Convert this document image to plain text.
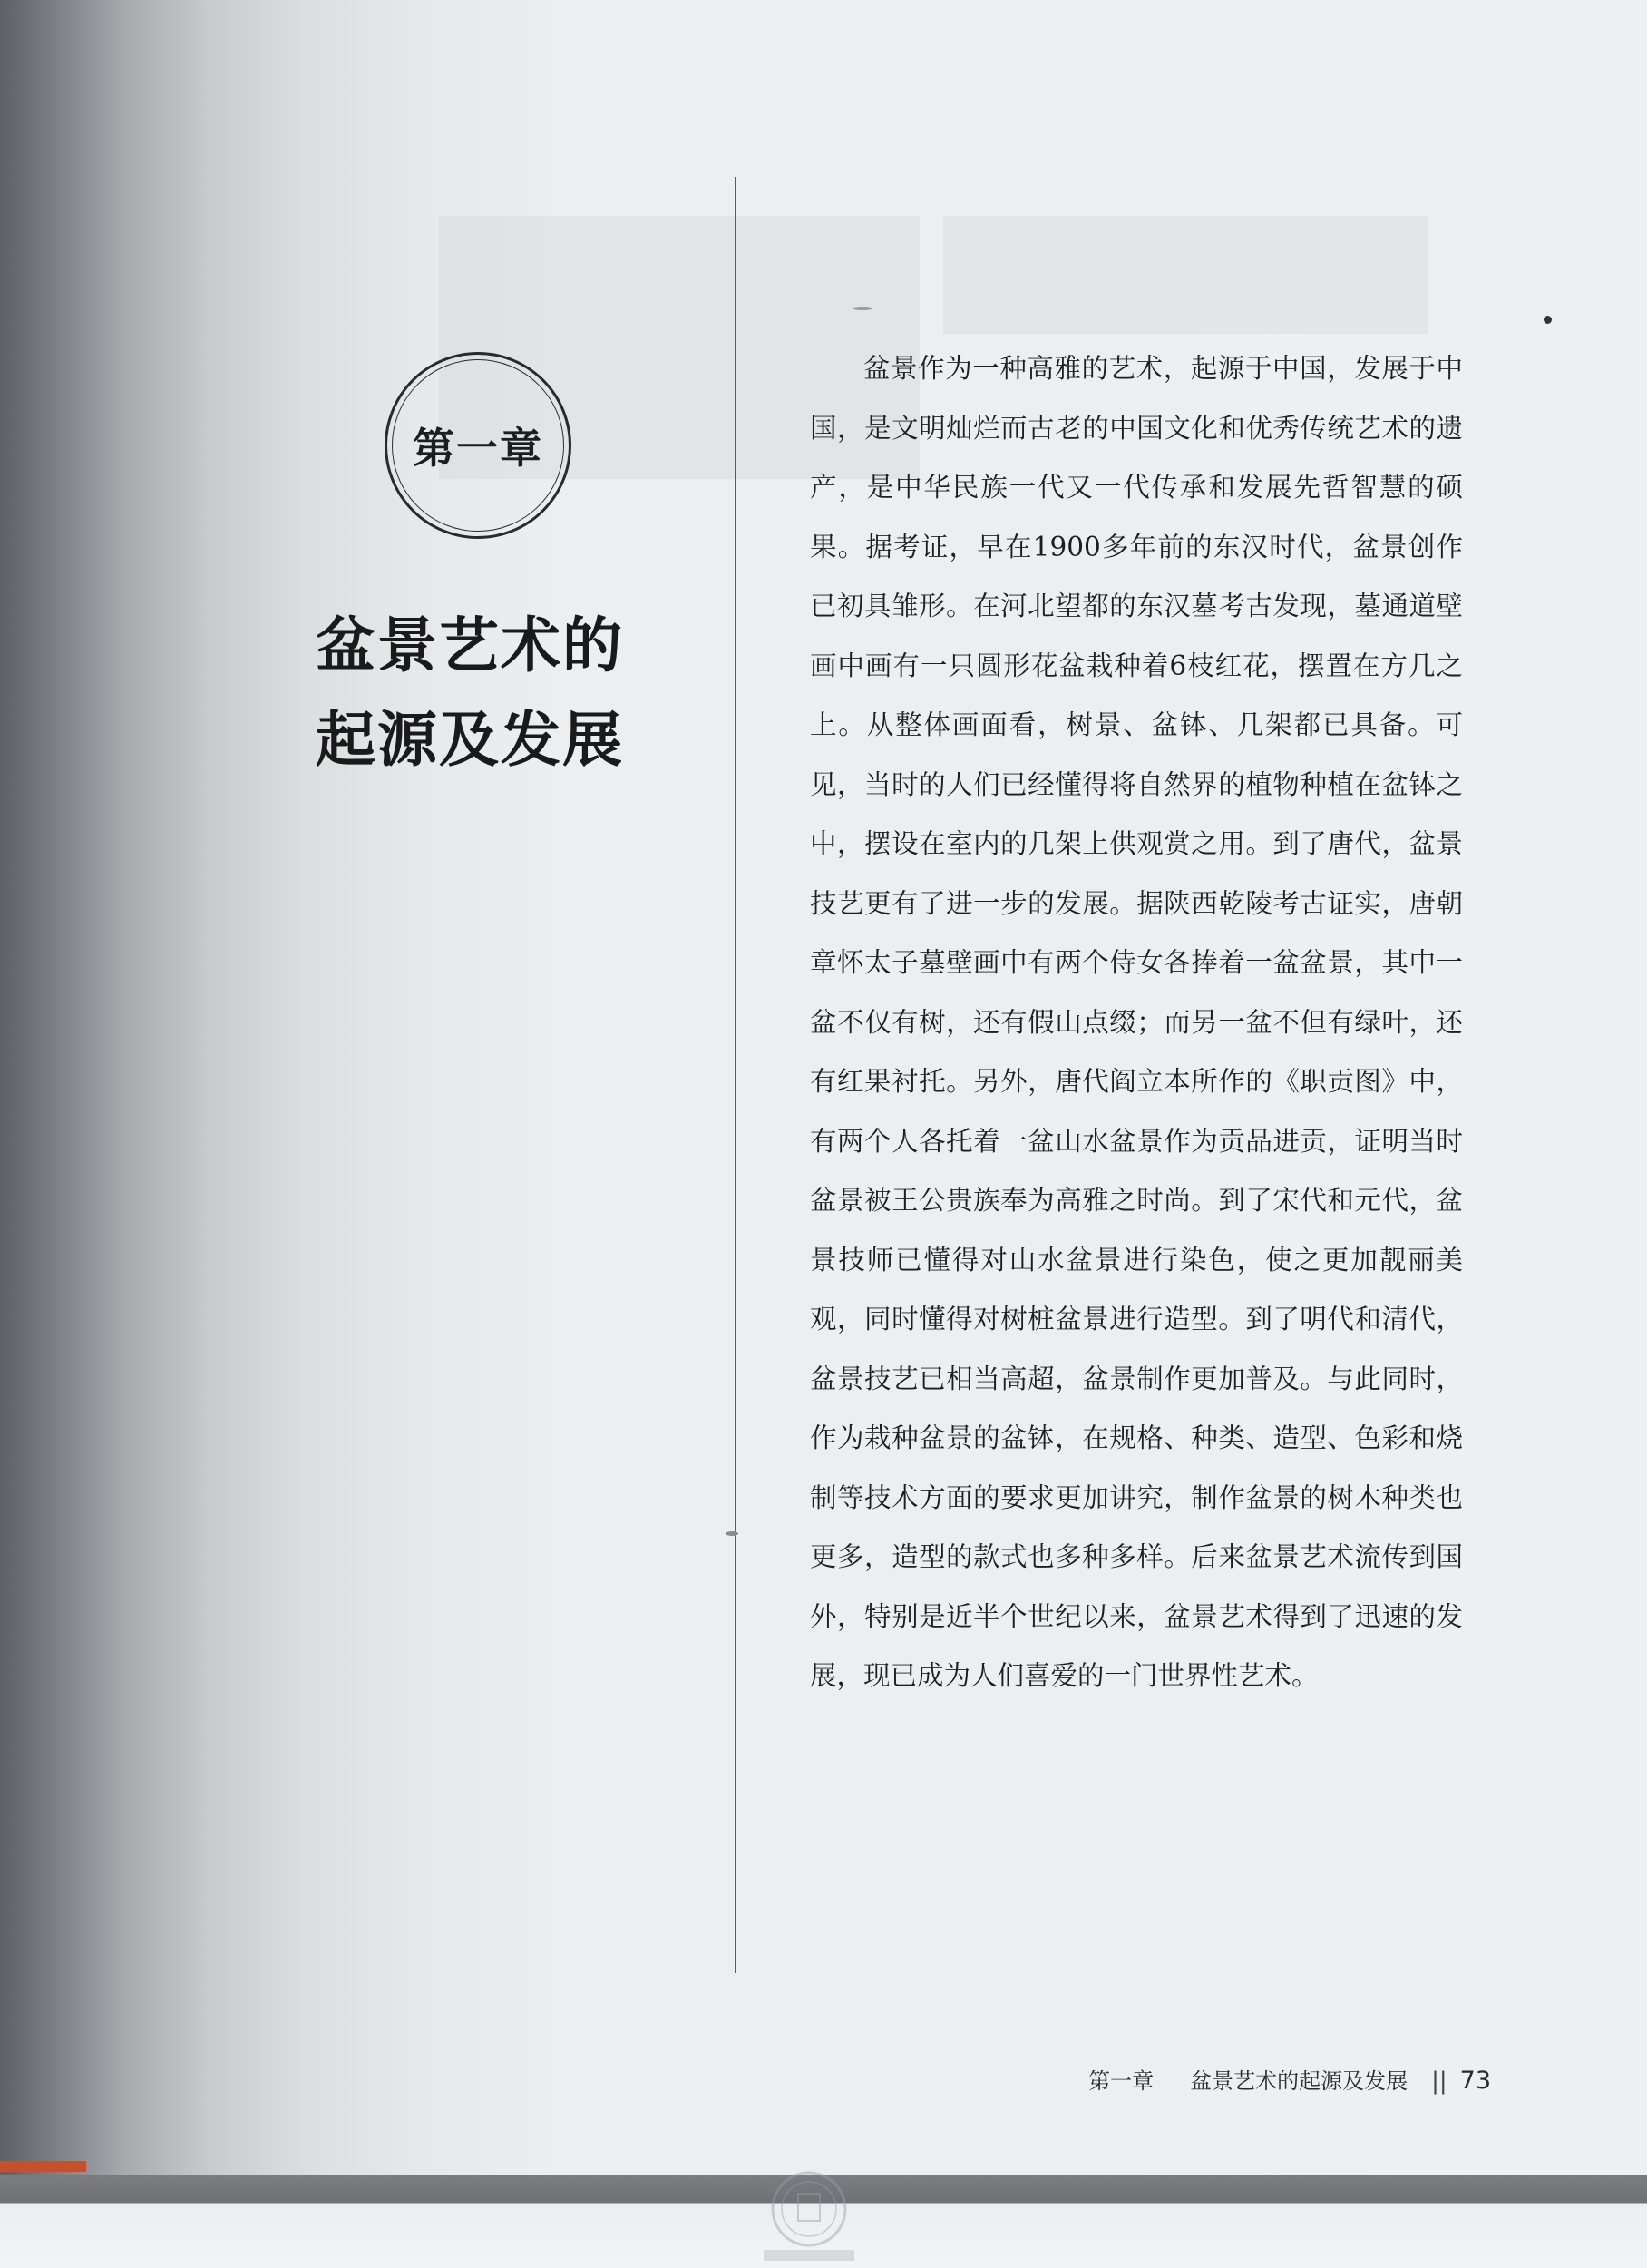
第一章
盆景艺术的
起源及发展

盆景作为一种高雅的艺术，起源于中国，发展于中国，是文明灿烂而古老的中国文化和优秀传统艺术的遗产，是中华民族一代又一代传承和发展先哲智慧的硕果。据考证，早在1900多年前的东汉时代，盆景创作已初具雏形。在河北望都的东汉墓考古发现，墓通道壁画中画有一只圆形花盆栽种着6枝红花，摆置在方几之上。从整体画面看，树景、盆钵、几架都已具备。可见，当时的人们已经懂得将自然界的植物种植在盆钵之中，摆设在室内的几架上供观赏之用。到了唐代，盆景技艺更有了进一步的发展。据陕西乾陵考古证实，唐朝章怀太子墓壁画中有两个侍女各捧着一盆盆景，其中一盆不仅有树，还有假山点缀；而另一盆不但有绿叶，还有红果衬托。另外，唐代阎立本所作的《职贡图》中，有两个人各托着一盆山水盆景作为贡品进贡，证明当时盆景被王公贵族奉为高雅之时尚。到了宋代和元代，盆景技师已懂得对山水盆景进行染色，使之更加靓丽美观，同时懂得对树桩盆景进行造型。到了明代和清代，盆景技艺已相当高超，盆景制作更加普及。与此同时，作为栽种盆景的盆钵，在规格、种类、造型、色彩和烧制等技术方面的要求更加讲究，制作盆景的树木种类也更多，造型的款式也多种多样。后来盆景艺术流传到国外，特别是近半个世纪以来，盆景艺术得到了迅速的发展，现已成为人们喜爱的一门世界性艺术。

第一章 盆景艺术的起源及发展 || 73
